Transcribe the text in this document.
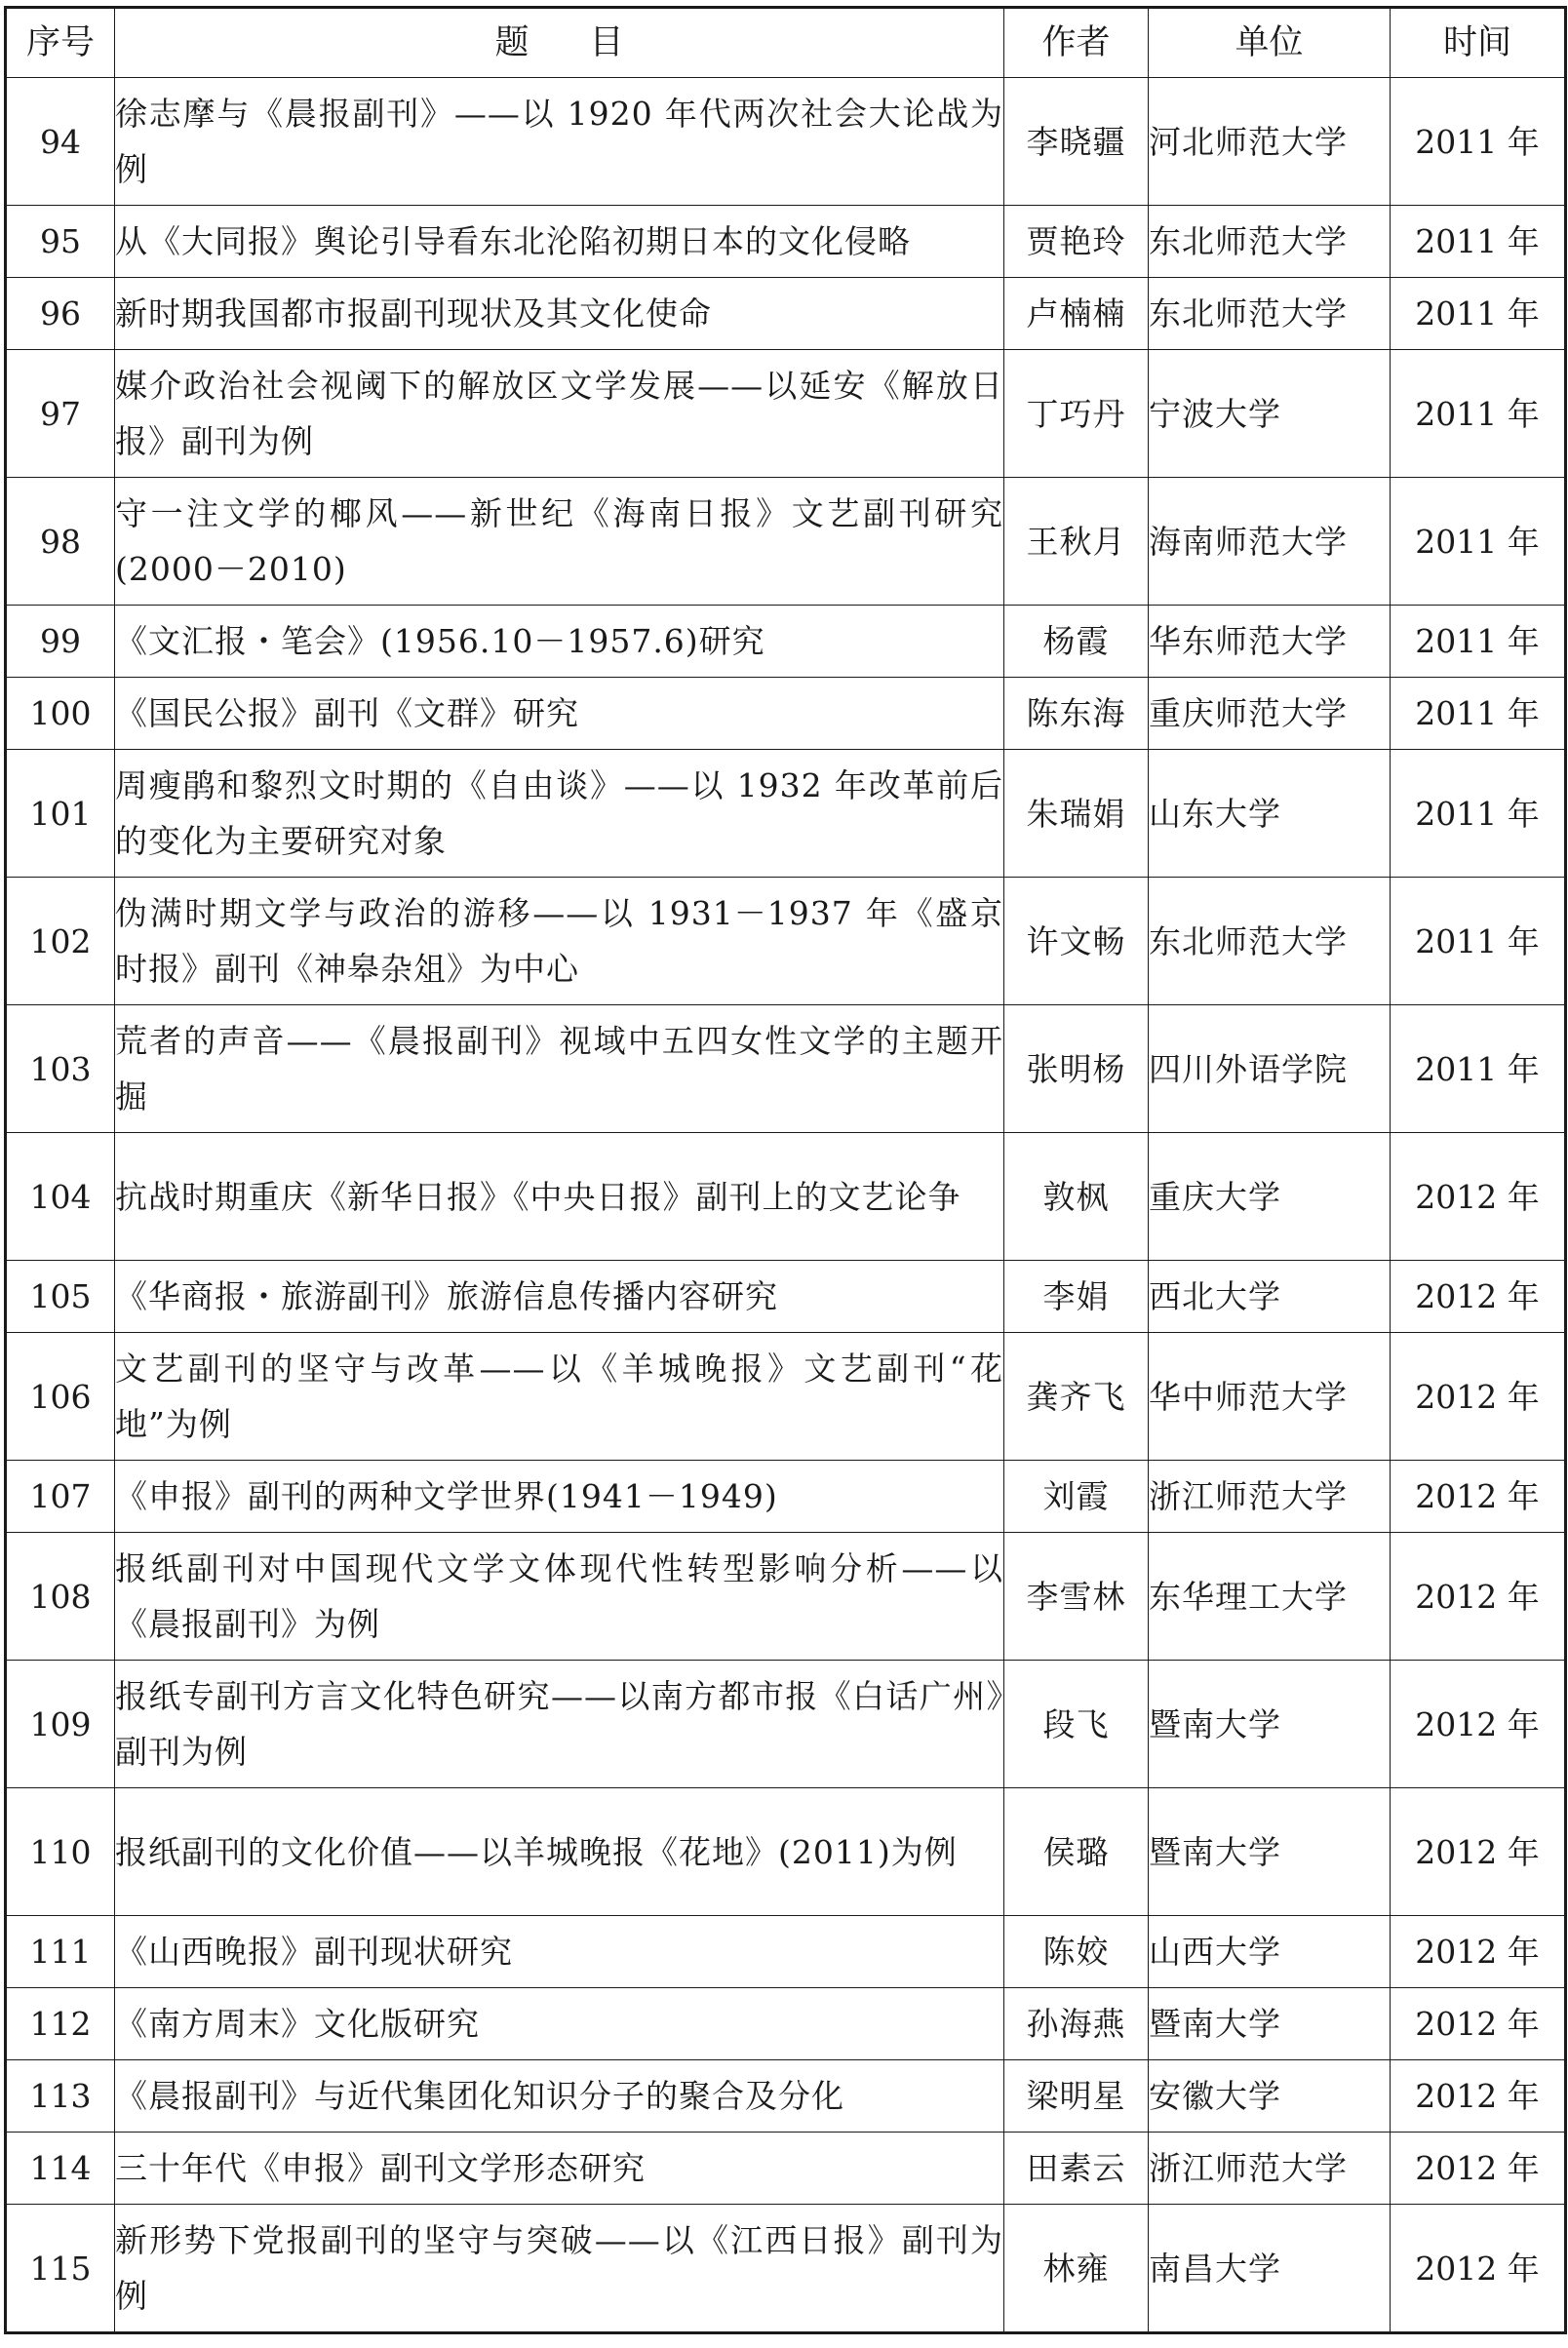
序号	题目	作者	单位	时间
94	徐志摩与《晨报副刊》——以 1920 年代两次社会大论战为例	李晓疆	河北师范大学	2011 年
95	从《大同报》舆论引导看东北沦陷初期日本的文化侵略	贾艳玲	东北师范大学	2011 年
96	新时期我国都市报副刊现状及其文化使命	卢楠楠	东北师范大学	2011 年
97	媒介政治社会视阈下的解放区文学发展——以延安《解放日报》副刊为例	丁巧丹	宁波大学	2011 年
98	守一注文学的椰风——新世纪《海南日报》文艺副刊研究(2000－2010)	王秋月	海南师范大学	2011 年
99	《文汇报・笔会》(1956.10－1957.6)研究	杨霞	华东师范大学	2011 年
100	《国民公报》副刊《文群》研究	陈东海	重庆师范大学	2011 年
101	周瘦鹃和黎烈文时期的《自由谈》——以 1932 年改革前后的变化为主要研究对象	朱瑞娟	山东大学	2011 年
102	伪满时期文学与政治的游移——以 1931－1937 年《盛京时报》副刊《神皋杂俎》为中心	许文畅	东北师范大学	2011 年
103	荒者的声音——《晨报副刊》视域中五四女性文学的主题开掘	张明杨	四川外语学院	2011 年
104	抗战时期重庆《新华日报》《中央日报》副刊上的文艺论争	敦枫	重庆大学	2012 年
105	《华商报・旅游副刊》旅游信息传播内容研究	李娟	西北大学	2012 年
106	文艺副刊的坚守与改革——以《羊城晚报》文艺副刊“花地”为例	龚齐飞	华中师范大学	2012 年
107	《申报》副刊的两种文学世界(1941－1949)	刘霞	浙江师范大学	2012 年
108	报纸副刊对中国现代文学文体现代性转型影响分析——以《晨报副刊》为例	李雪林	东华理工大学	2012 年
109	报纸专副刊方言文化特色研究——以南方都市报《白话广州》副刊为例	段飞	暨南大学	2012 年
110	报纸副刊的文化价值——以羊城晚报《花地》(2011)为例	侯璐	暨南大学	2012 年
111	《山西晚报》副刊现状研究	陈姣	山西大学	2012 年
112	《南方周末》文化版研究	孙海燕	暨南大学	2012 年
113	《晨报副刊》与近代集团化知识分子的聚合及分化	梁明星	安徽大学	2012 年
114	三十年代《申报》副刊文学形态研究	田素云	浙江师范大学	2012 年
115	新形势下党报副刊的坚守与突破——以《江西日报》副刊为例	林雍	南昌大学	2012 年
